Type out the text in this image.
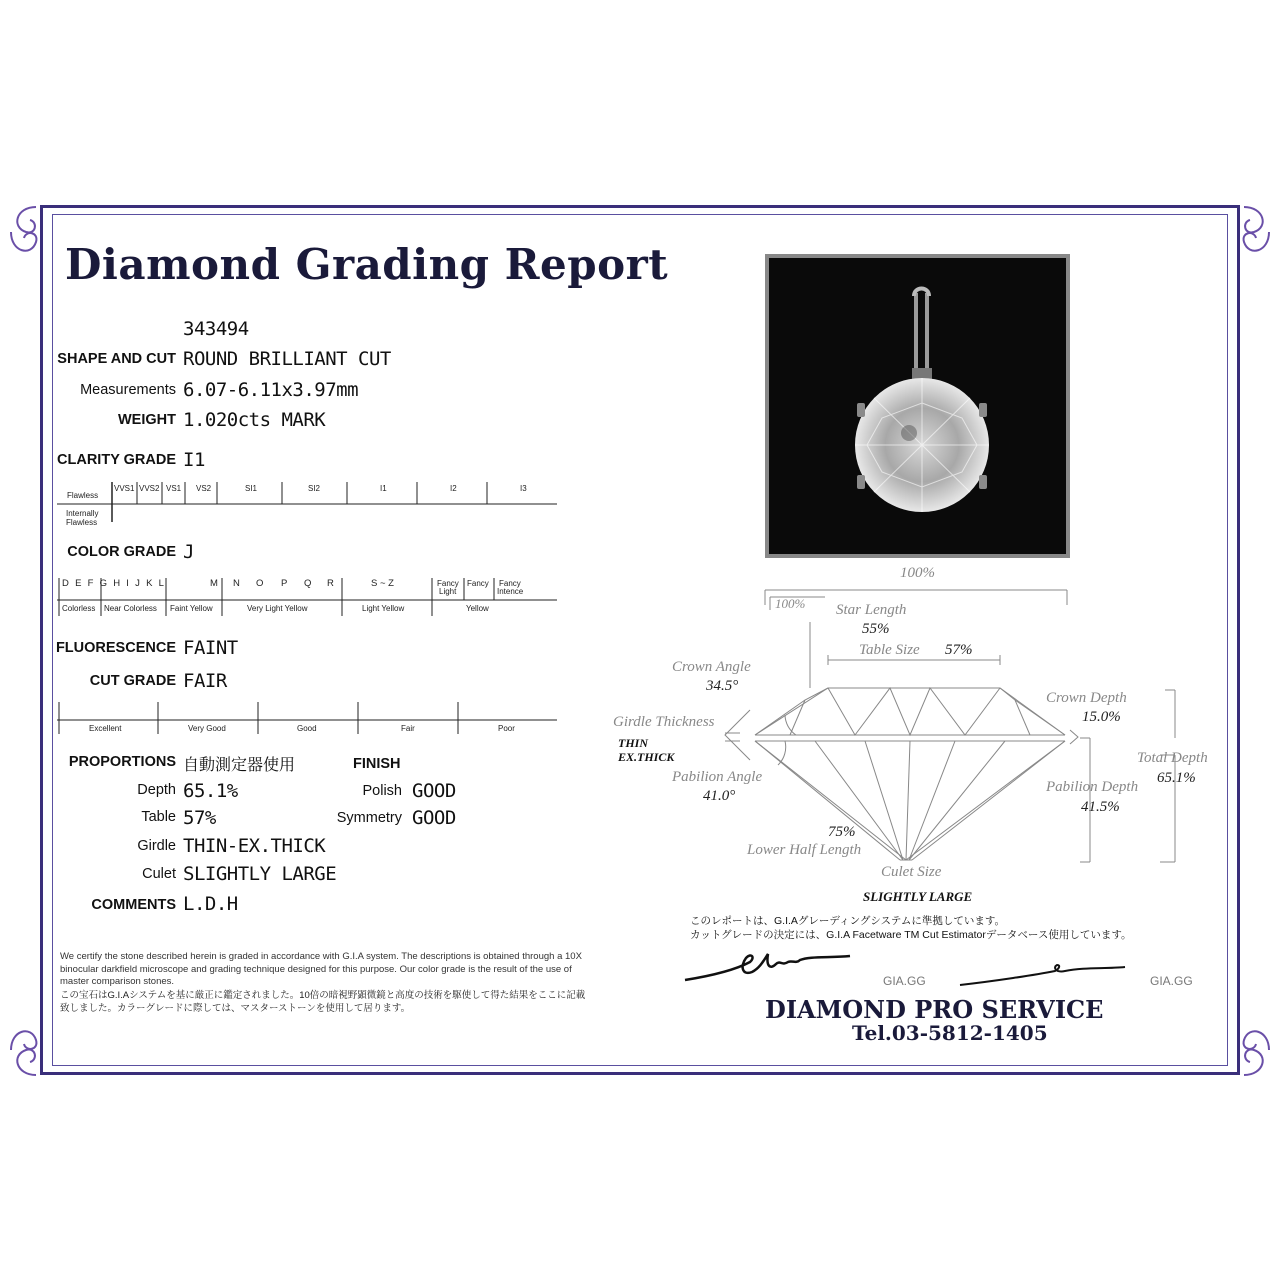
Diamond Grading Report
343494
SHAPE AND CUT ROUND BRILLIANT CUT
Measurements 6.07-6.11x3.97mm
WEIGHT 1.020cts MARK
CLARITY GRADE I1
Flawless
Internally
Flawless
VVS1 VVS2 VS1 VS2	SI1	SI2	I1	I2	I3
COLOR GRADE J
DEFGHIJKL	M N O P Q R	S ~ Z	Fancy
Light
Fancy Fancy
Intence
Colorless Near Colorless Faint Yellow	Very Light Yellow	Light Yellow	Yellow
FLUORESCENCE FAINT
CUT GRADE FAIR
Excellent	Very Good	Good	Fair	Poor
PROPORTIONS 自動測定器使用	FINISH
Depth 65.1%	Polish GOOD
Table 57%	Symmetry GOOD
Girdle THIN-EX.THICK
Culet SLIGHTLY LARGE
COMMENTS L.D.H
We certify the stone described herein is graded in accordance with G.I.A system. The descriptions is obtained through a 10X binocular darkfield microscope and grading technique designed for this purpose. Our color grade is the result of the use of master comparison stones.
この宝石はG.I.Aシステムを基に厳正に鑑定されました。10倍の暗視野顕微鏡と高度の技術を駆使して得た結果をここに記載致しました。カラーグレードに際しては、マスターストーンを使用して居ります。
100%
100% Star Length
55%
Table Size 57%
Crown Angle
34.5°
Crown Depth
15.0%
Girdle Thickness
THIN
EX.THICK	Total Depth
65.1%
Pabilion Angle
41.0°
Pabilion Depth
41.5%
75%
Lower Half Length
Culet Size
SLIGHTLY LARGE
このレポートは、G.I.Aグレーディングシステムに準拠しています。
カットグレードの決定には、G.I.A Facetware TM Cut Estimatorデータベース使用しています。
GIA.GG	GIA.GG
DIAMOND PRO SERVICE
Tel.03-5812-1405
